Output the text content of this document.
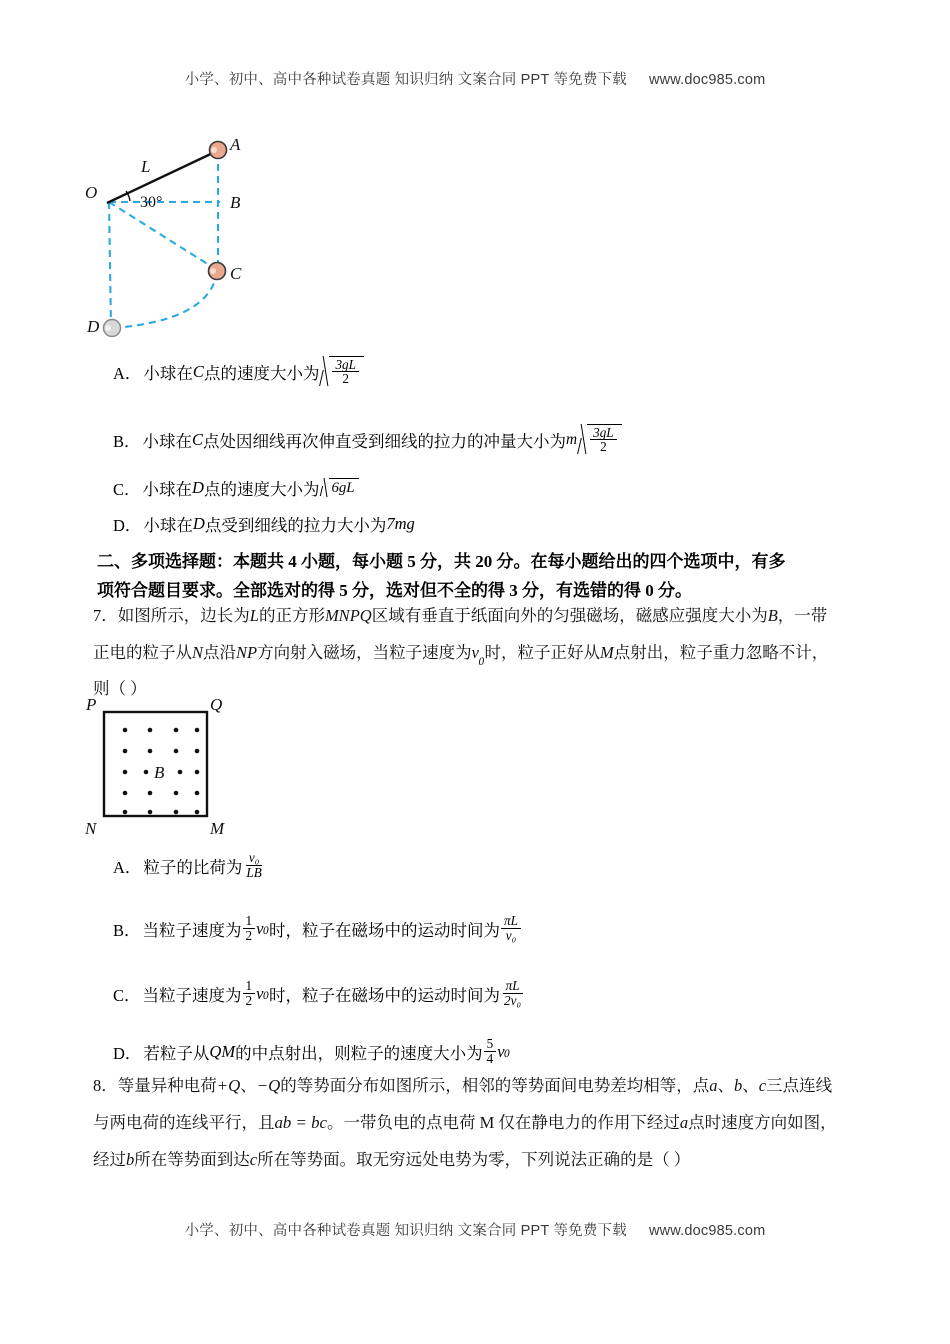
小学、初中、高中各种试卷真题 知识归纳 文案合同 PPT 等免费下载 www.doc985.com
A
B
C
D
O
L
30°
A． 小球在 C 点的速度大小为 $\frac{3gL}{2}$
B． 小球在 C 点处因细线再次伸直受到细线的拉力的冲量大小为 m $\frac{3gL}{2}$
C． 小球在 D 点的速度大小为 6gL
D． 小球在 D 点受到细线的拉力大小为 7mg
二、多项选择题：本题共 4 小题，每小题 5 分，共 20 分。在每小题给出的四个选项中，有多
项符合题目要求。全部选对的得 5 分，选对但不全的得 3 分，有选错的得 0 分。
7．如图所示，边长为L的正方形MNPQ区域有垂直于纸面向外的匀强磁场，磁感应强度大小为B，一带
正电的粒子从N点沿NP方向射入磁场，当粒子速度为$v_0$时，粒子正好从M点射出，粒子重力忽略不计，
则（ ）
B
P	Q
N	M
A． 粒子的比荷为 $\frac{\text{v₀}}{LB}$
B． 当粒子速度为 $\frac{1}{2}$ v 0 时，粒子在磁场中的运动时间为 $\frac{\pi L}{\text{v₀}}$
C． 当粒子速度为 $\frac{1}{2}$ v 0 时，粒子在磁场中的运动时间为 $\frac{\pi L}{\text{2v₀}}$
D． 若粒子从 QM 的中点射出，则粒子的速度大小为 $\frac{5}{4}$ v 0
8．等量异种电荷+Q、−Q的等势面分布如图所示，相邻的等势面间电势差均相等，点a、b、c三点连线
与两电荷的连线平行，且ab = bc。一带负电的点电荷 M 仅在静电力的作用下经过a点时速度方向如图，
经过b所在等势面到达c所在等势面。取无穷远处电势为零，下列说法正确的是（ ）
小学、初中、高中各种试卷真题 知识归纳 文案合同 PPT 等免费下载 www.doc985.com
